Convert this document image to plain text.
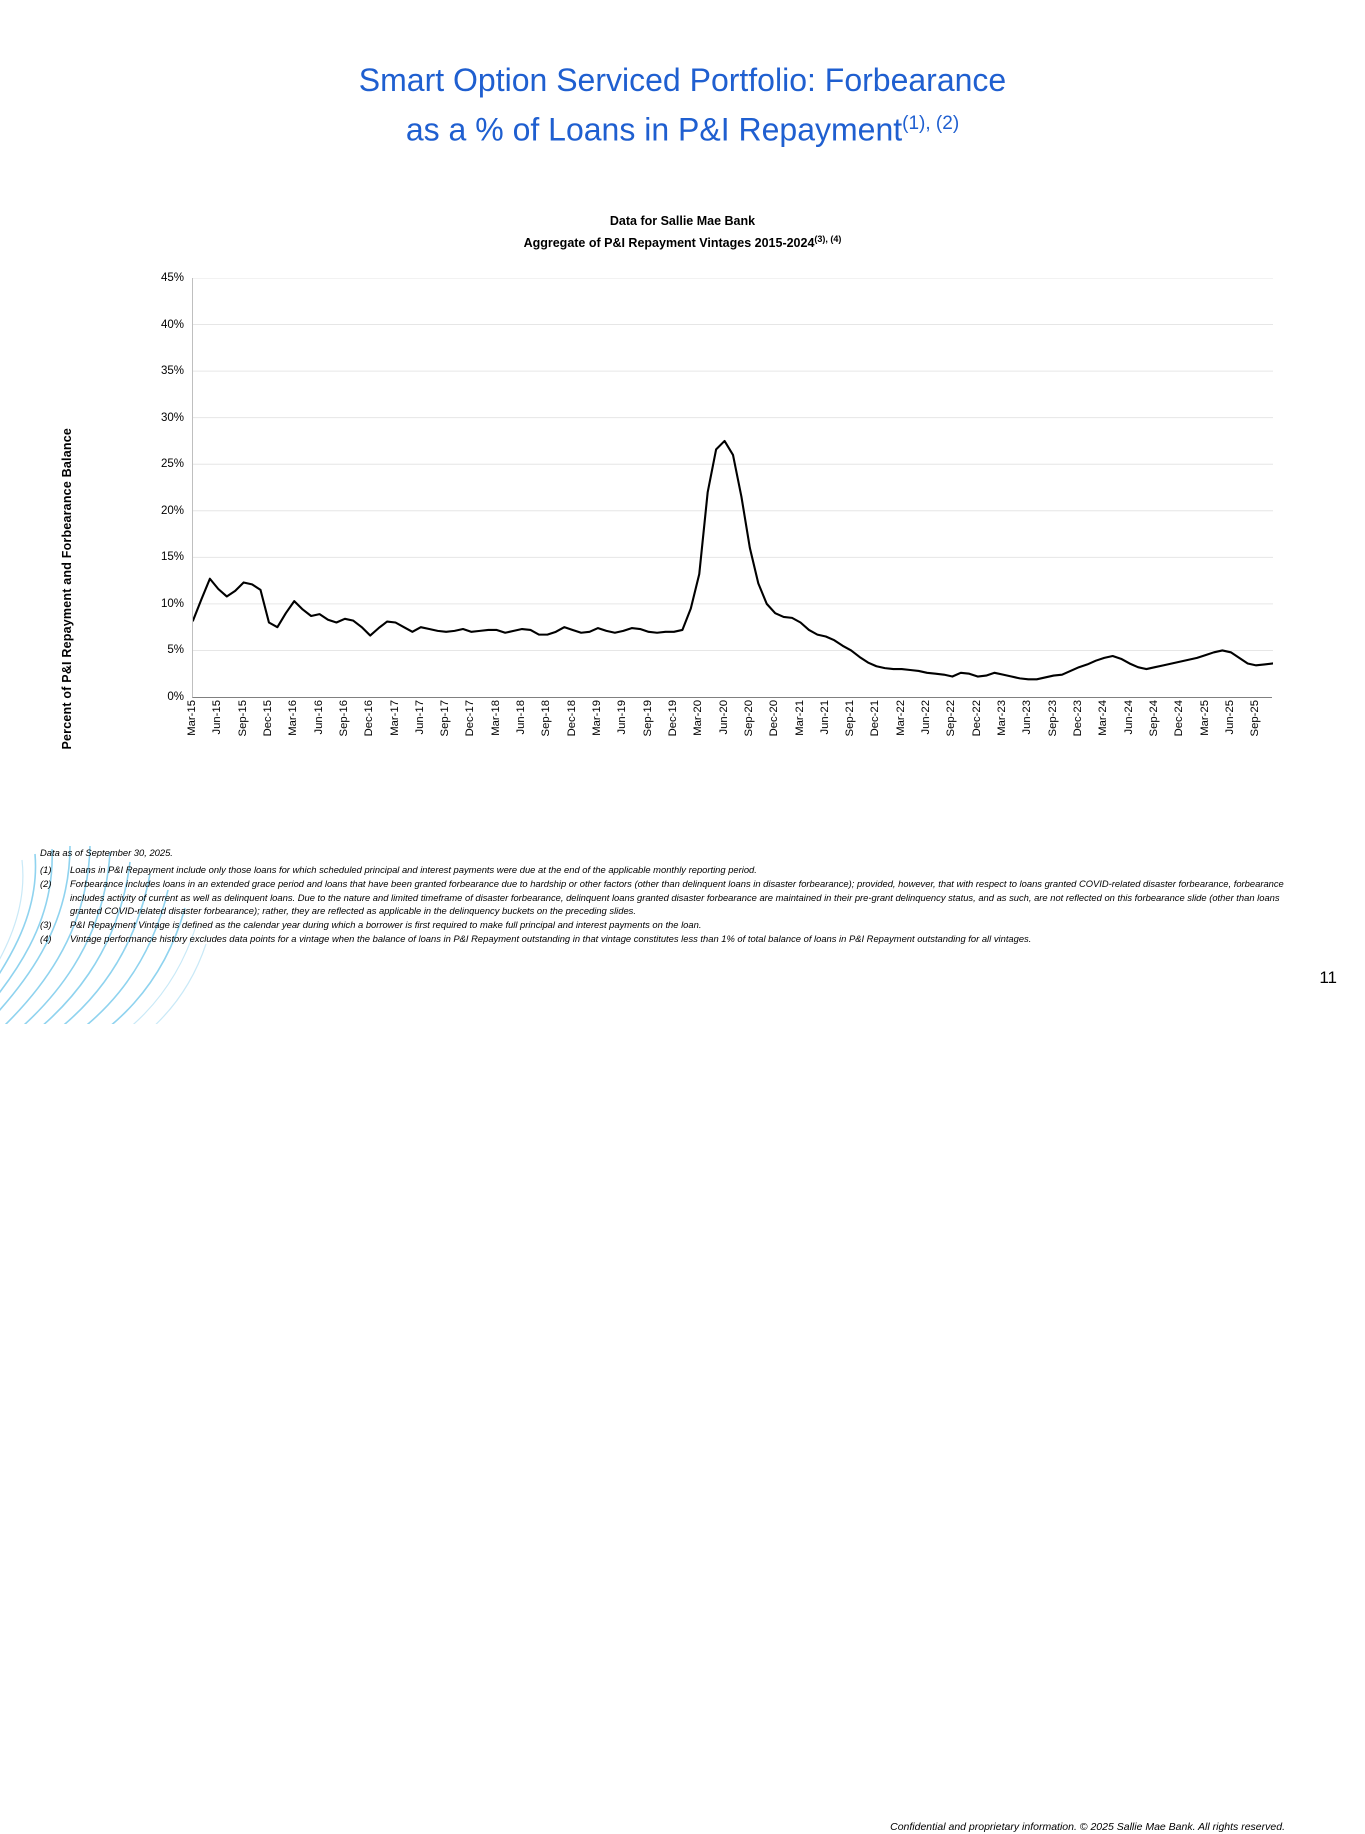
Smart Option Serviced Portfolio: Forbearance
as a % of Loans in P&I Repayment$^{(1), (2)}$
Data for Sallie Mae Bank
Aggregate of P&I Repayment Vintages $2015-2024^{(3), (4)}$
Percent of P&I Repayment and Forbearance Balance	0%
5%
10%
15%
20%
25%
30%
35%
40%
45%
Mar-15 Jun-15 Sep-15 Dec-15 Mar-16 Jun-16 Sep-16 Dec-16 Mar-17 Jun-17 Sep-17 Dec-17 Mar-18 Jun-18 Sep-18 Dec-18 Mar-19 Jun-19 Sep-19 Dec-19 Mar-20 Jun-20 Sep-20 Dec-20 Mar-21 Jun-21 Sep-21 Dec-21 Mar-22 Jun-22 Sep-22 Dec-22 Mar-23 Jun-23 Sep-23 Dec-23 Mar-24 Jun-24 Sep-24 Dec-24 Mar-25 Jun-25 Sep-25
Data as of September 30, 2025.
(1)	Loans in P&I Repayment include only those loans for which scheduled principal and interest payments were due at the end of the applicable monthly reporting period.
(2)	Forbearance includes loans in an extended grace period and loans that have been granted forbearance due to hardship or other factors (other than delinquent loans in disaster forbearance); provided, however, that with respect to loans granted COVID-related disaster forbearance, forbearance includes activity of current as well as delinquent loans. Due to the nature and limited timeframe of disaster forbearance, delinquent loans granted disaster forbearance are maintained in their pre-grant delinquency status, and as such, are not reflected on this forbearance slide (other than loans granted COVID-related disaster forbearance); rather, they are reflected as applicable in the delinquency buckets on the preceding slides.
(3)	P&I Repayment Vintage is defined as the calendar year during which a borrower is first required to make full principal and interest payments on the loan.
(4)	Vintage performance history excludes data points for a vintage when the balance of loans in P&I Repayment outstanding in that vintage constitutes less than 1% of total balance of loans in P&I Repayment outstanding for all vintages.
Confidential and proprietary information. © 2025 Sallie Mae Bank. All rights reserved.
11
